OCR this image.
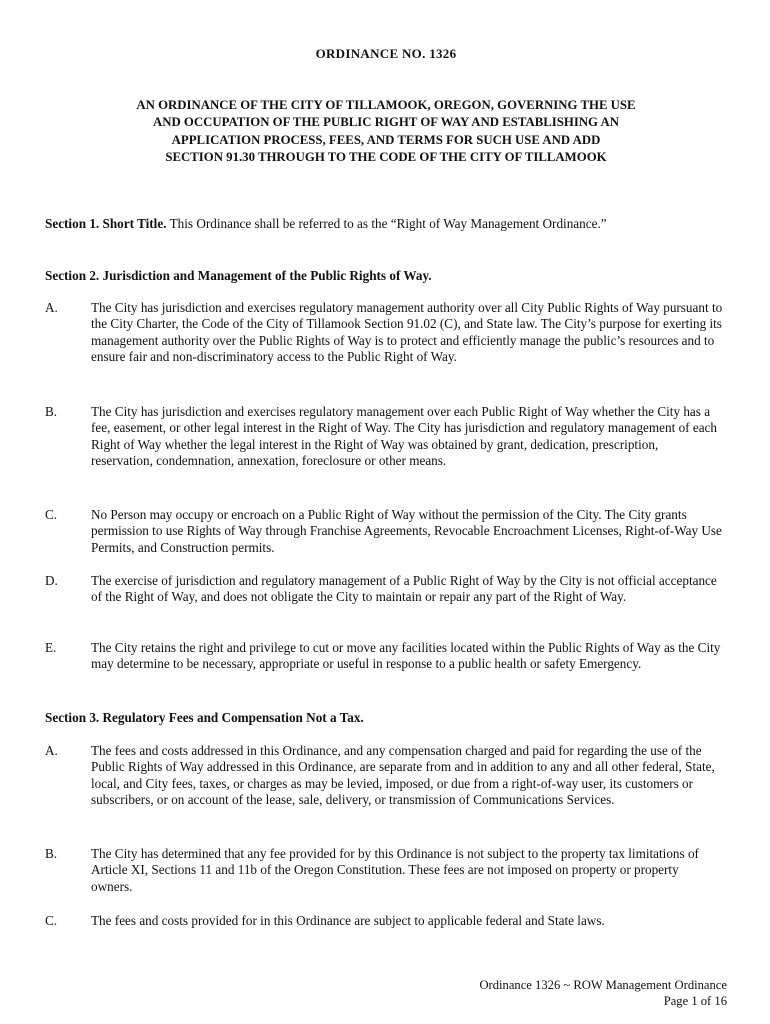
ORDINANCE NO. 1326
AN ORDINANCE OF THE CITY OF TILLAMOOK, OREGON, GOVERNING THE USE
AND OCCUPATION OF THE PUBLIC RIGHT OF WAY AND ESTABLISHING AN
APPLICATION PROCESS, FEES, AND TERMS FOR SUCH USE AND ADD
SECTION 91.30 THROUGH TO THE CODE OF THE CITY OF TILLAMOOK
Section 1. Short Title. This Ordinance shall be referred to as the “Right of Way Management Ordinance.”
Section 2. Jurisdiction and Management of the Public Rights of Way.
A.	The City has jurisdiction and exercises regulatory management authority over all City Public Rights of Way pursuant to the City Charter, the Code of the City of Tillamook Section 91.02 (C), and State law. The City’s purpose for exerting its management authority over the Public Rights of Way is to protect and efficiently manage the public’s resources and to ensure fair and non-discriminatory access to the Public Right of Way.
B.	The City has jurisdiction and exercises regulatory management over each Public Right of Way whether the City has a fee, easement, or other legal interest in the Right of Way. The City has jurisdiction and regulatory management of each Right of Way whether the legal interest in the Right of Way was obtained by grant, dedication, prescription, reservation, condemnation, annexation, foreclosure or other means.
C.	No Person may occupy or encroach on a Public Right of Way without the permission of the City. The City grants permission to use Rights of Way through Franchise Agreements, Revocable Encroachment Licenses, Right-of-Way Use Permits, and Construction permits.
D.	The exercise of jurisdiction and regulatory management of a Public Right of Way by the City is not official acceptance of the Right of Way, and does not obligate the City to maintain or repair any part of the Right of Way.
E.	The City retains the right and privilege to cut or move any facilities located within the Public Rights of Way as the City may determine to be necessary, appropriate or useful in response to a public health or safety Emergency.
Section 3. Regulatory Fees and Compensation Not a Tax.
A.	The fees and costs addressed in this Ordinance, and any compensation charged and paid for regarding the use of the Public Rights of Way addressed in this Ordinance, are separate from and in addition to any and all other federal, State, local, and City fees, taxes, or charges as may be levied, imposed, or due from a right-of-way user, its customers or subscribers, or on account of the lease, sale, delivery, or transmission of Communications Services.
B.	The City has determined that any fee provided for by this Ordinance is not subject to the property tax limitations of Article XI, Sections 11 and 11b of the Oregon Constitution. These fees are not imposed on property or property owners.
C.	The fees and costs provided for in this Ordinance are subject to applicable federal and State laws.
Ordinance 1326 ~ ROW Management Ordinance
Page 1 of 16
